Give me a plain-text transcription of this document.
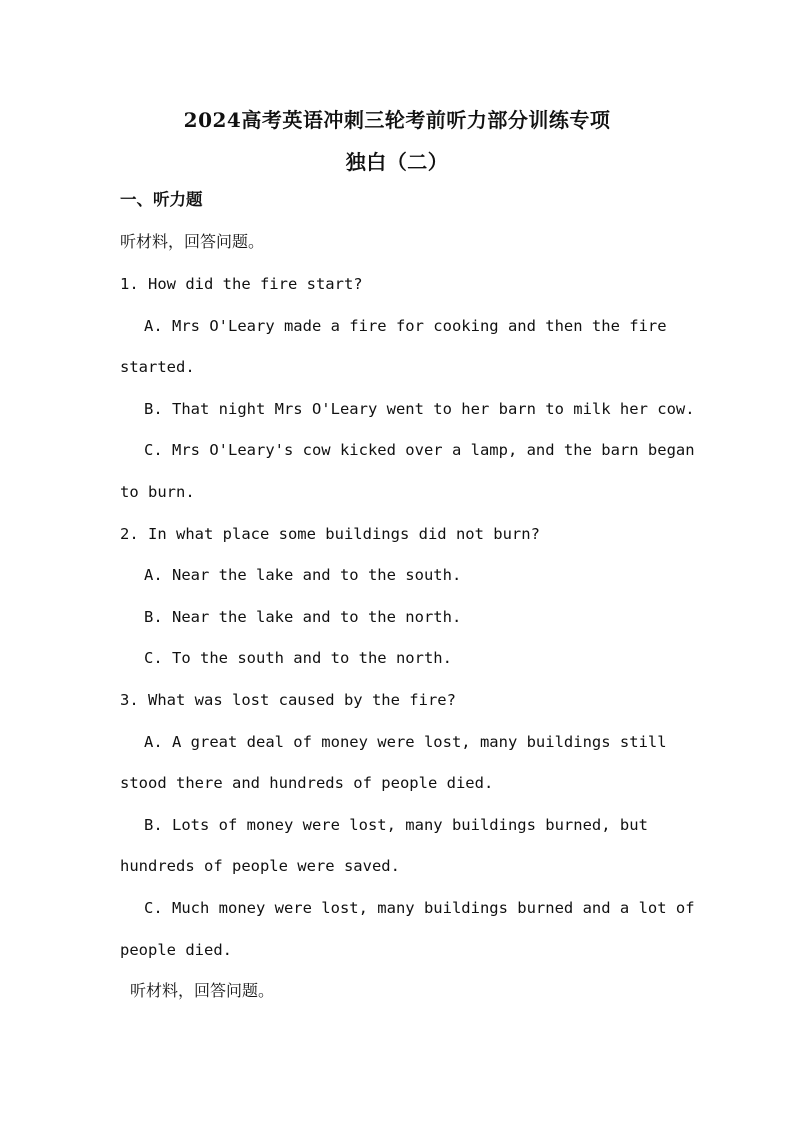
2024高考英语冲刺三轮考前听力部分训练专项
独白（二）
一、听力题
听材料，回答问题。
1. How did the fire start?
A. Mrs O'Leary made a fire for cooking and then the fire
started.
B. That night Mrs O'Leary went to her barn to milk her cow.
C. Mrs O'Leary's cow kicked over a lamp, and the barn began
to burn.
2. In what place some buildings did not burn?
A. Near the lake and to the south.
B. Near the lake and to the north.
C. To the south and to the north.
3. What was lost caused by the fire?
A. A great deal of money were lost, many buildings still
stood there and hundreds of people died.
B. Lots of money were lost, many buildings burned, but
hundreds of people were saved.
C. Much money were lost, many buildings burned and a lot of
people died.
听材料，回答问题。
